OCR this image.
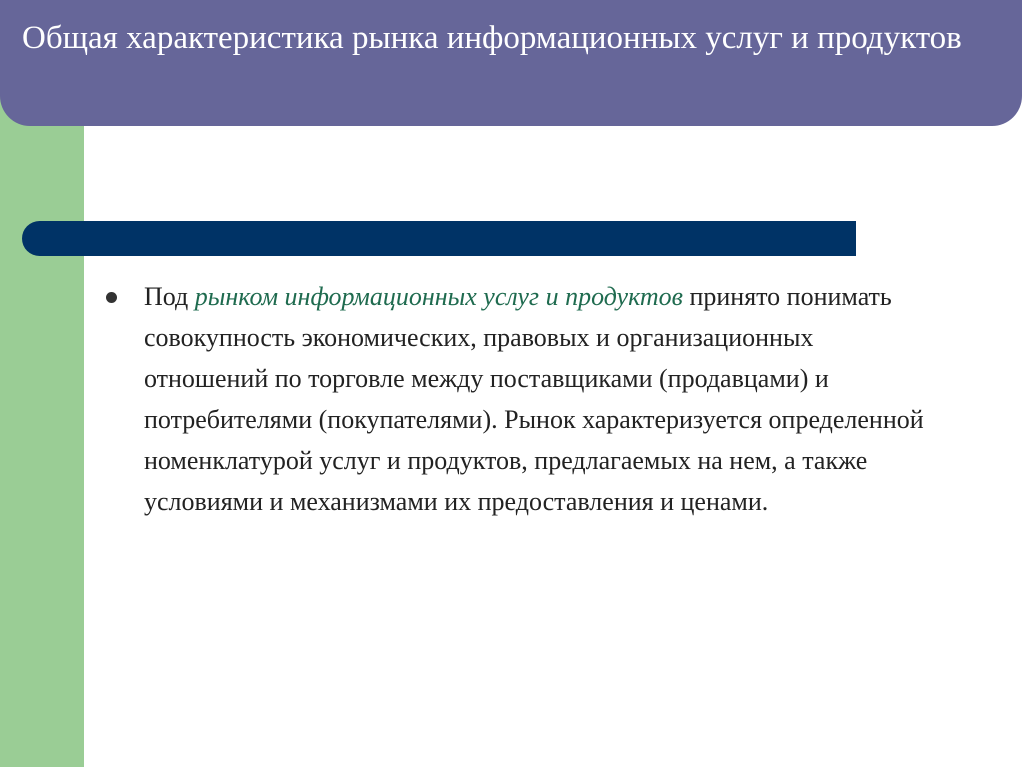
Общая характеристика рынка информационных услуг и продуктов
Под рынком информационных услуг и продуктов принято понимать совокупность экономических, правовых и организационных отношений по торговле между поставщиками (продавцами) и потребителями (покупателями). Рынок характеризуется определенной номенклатурой услуг и продуктов, предлагаемых на нем, а также условиями и механизмами их предоставления и ценами.
